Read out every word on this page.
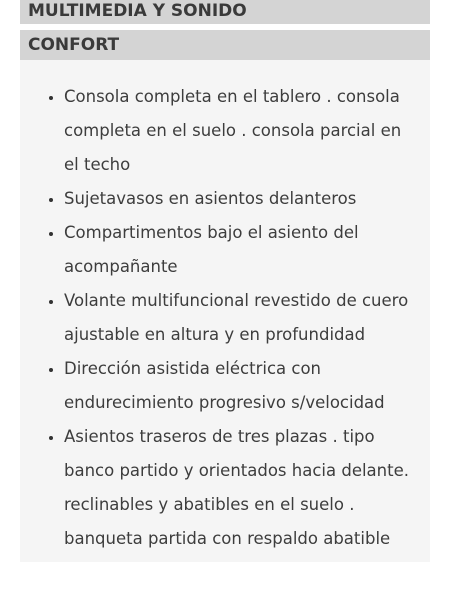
MULTIMEDIA Y SONIDO
CONFORT
• Consola completa en el tablero . consola completa en el suelo . consola parcial en el techo
• Sujetavasos en asientos delanteros
• Compartimentos bajo el asiento del acompañante
• Volante multifuncional revestido de cuero ajustable en altura y en profundidad
• Dirección asistida eléctrica con endurecimiento progresivo s/velocidad
• Asientos traseros de tres plazas . tipo banco partido y orientados hacia delante. reclinables y abatibles en el suelo . banqueta partida con respaldo abatible
